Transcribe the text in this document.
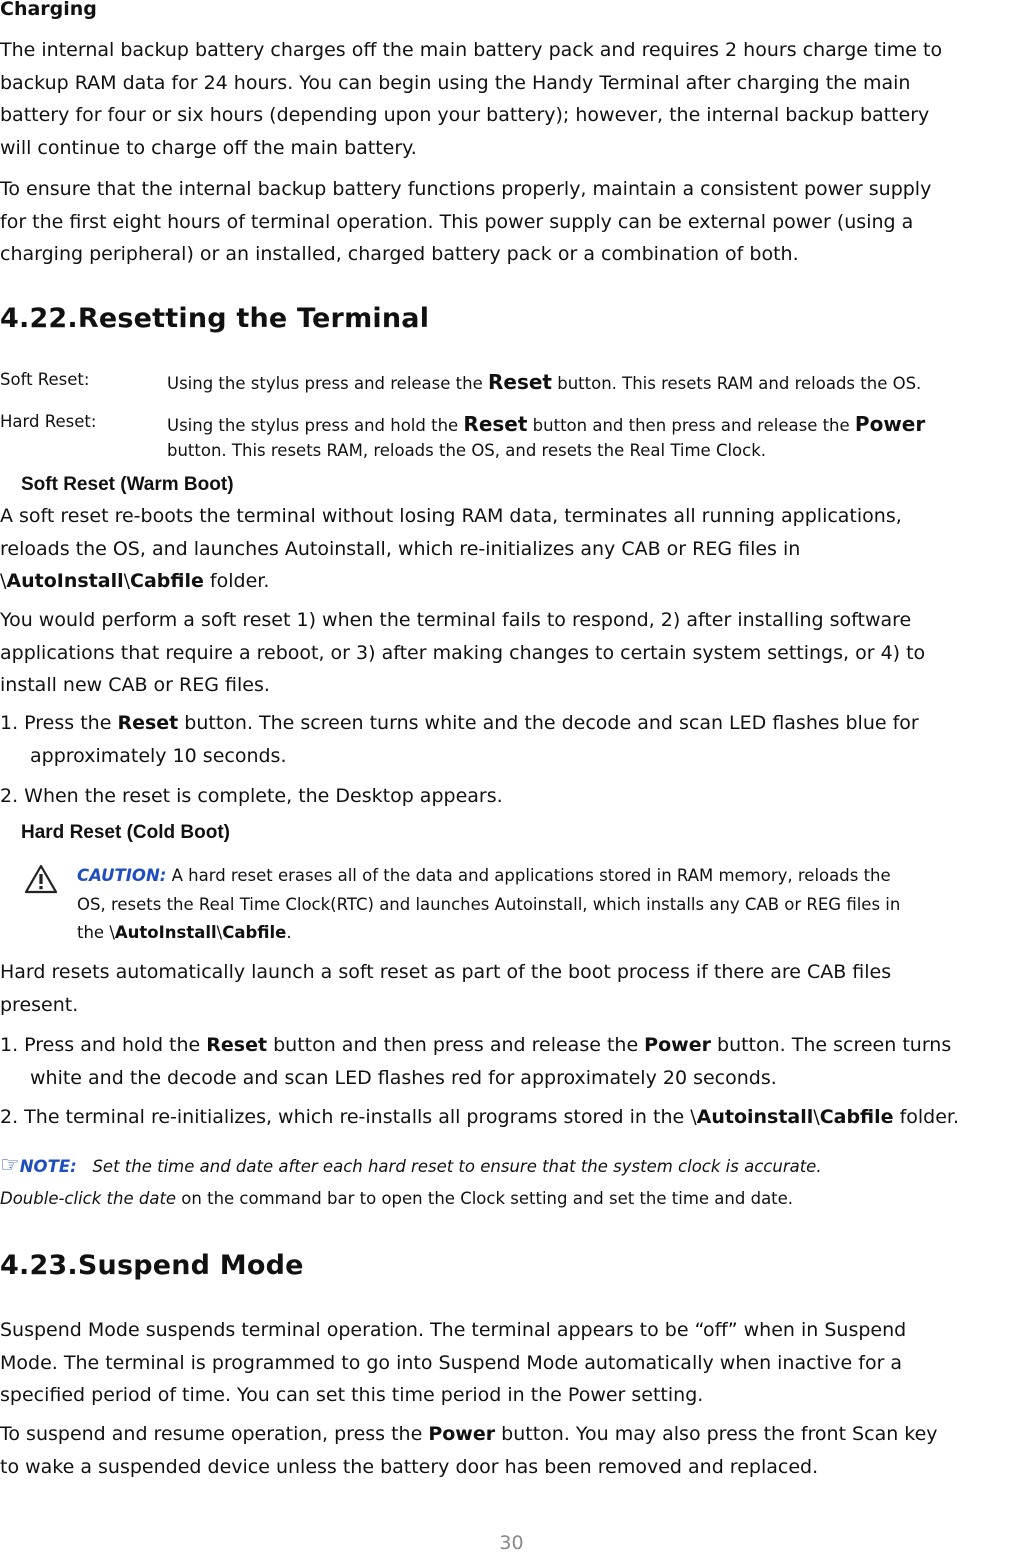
Charging
The internal backup battery charges off the main battery pack and requires 2 hours charge time to
backup RAM data for 24 hours. You can begin using the Handy Terminal after charging the main
battery for four or six hours (depending upon your battery); however, the internal backup battery
will continue to charge off the main battery.
To ensure that the internal backup battery functions properly, maintain a consistent power supply
for the first eight hours of terminal operation. This power supply can be external power (using a
charging peripheral) or an installed, charged battery pack or a combination of both.
4.22.Resetting the Terminal
Soft Reset:	Using the stylus press and release the Reset button. This resets RAM and reloads the OS.
Hard Reset:	Using the stylus press and hold the Reset button and then press and release the Power
button. This resets RAM, reloads the OS, and resets the Real Time Clock.
Soft Reset (Warm Boot)
A soft reset re-boots the terminal without losing RAM data, terminates all running applications,
reloads the OS, and launches Autoinstall, which re-initializes any CAB or REG files in
\AutoInstall\Cabfile folder.
You would perform a soft reset 1) when the terminal fails to respond, 2) after installing software
applications that require a reboot, or 3) after making changes to certain system settings, or 4) to
install new CAB or REG files.
1. Press the Reset button. The screen turns white and the decode and scan LED flashes blue for
approximately 10 seconds.
2. When the reset is complete, the Desktop appears.
Hard Reset (Cold Boot)
CAUTION: A hard reset erases all of the data and applications stored in RAM memory, reloads the
OS, resets the Real Time Clock(RTC) and launches Autoinstall, which installs any CAB or REG files in
the \AutoInstall\Cabfile.
Hard resets automatically launch a soft reset as part of the boot process if there are CAB files
present.
1. Press and hold the Reset button and then press and release the Power button. The screen turns
white and the decode and scan LED flashes red for approximately 20 seconds.
2. The terminal re-initializes, which re-installs all programs stored in the \Autoinstall\Cabfile folder.
☞NOTE:   Set the time and date after each hard reset to ensure that the system clock is accurate.
Double-click the date on the command bar to open the Clock setting and set the time and date.
4.23.Suspend Mode
Suspend Mode suspends terminal operation. The terminal appears to be “off” when in Suspend
Mode. The terminal is programmed to go into Suspend Mode automatically when inactive for a
specified period of time. You can set this time period in the Power setting.
To suspend and resume operation, press the Power button. You may also press the front Scan key
to wake a suspended device unless the battery door has been removed and replaced.
30
